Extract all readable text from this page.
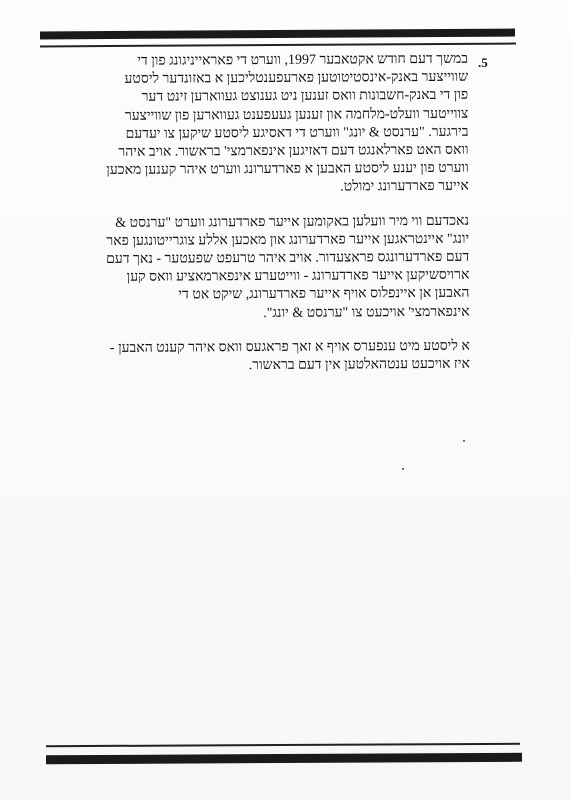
.5

במשך דעם חודש אקטאבער 1997, ווערט די פאראייניגונג פון די
שווייצער באנק-אינסטיטוטען פארעפענטליכען א באזונדער ליסטע
פון די באנק-חשבונות וואס זענען ניט גענוצט געווארען זינט דער
צווייטער וועלט-מלחמה און זענען געעפענט געווארען פון שווייצער
בירגער. "ערנסט & יונג" ווערט די דאסיגע ליסטע שיקען צו יעדעם
וואס האט פארלאנגט דעם דאזיגען אינפארמצי' בראשור. אויב איהר
ווערט פון יענע ליסטע האבען א פארדערונג ווערט איהר קענען מאכען
אייער פארדערונג ימולט.

נאכדעם ווי מיר וועלען באקומען אייער פארדערונג ווערט "ערנסט &
יונג" איינטראגען אייער פארדערונג און מאכען אללע צוגרייטונגען פאר
דעם פארדערונגס פראצעדור. אויב איהר טרעפט שפעטער - נאך דעם
ארויסשיקען אייער פארדערונג - ווייטערע אינפארמאציע וואס קען
האבען אן איינפלוס אויף אייער פארדערונג, שיקט אט די
אינפארמצי' אויכעט צו "ערנסט & יונג".

א ליסטע מיט ענפערס אויף א זאך פראגעס וואס איהר קענט האבען -
איז אויכעט ענטהאלטען אין דעם בראשור.
